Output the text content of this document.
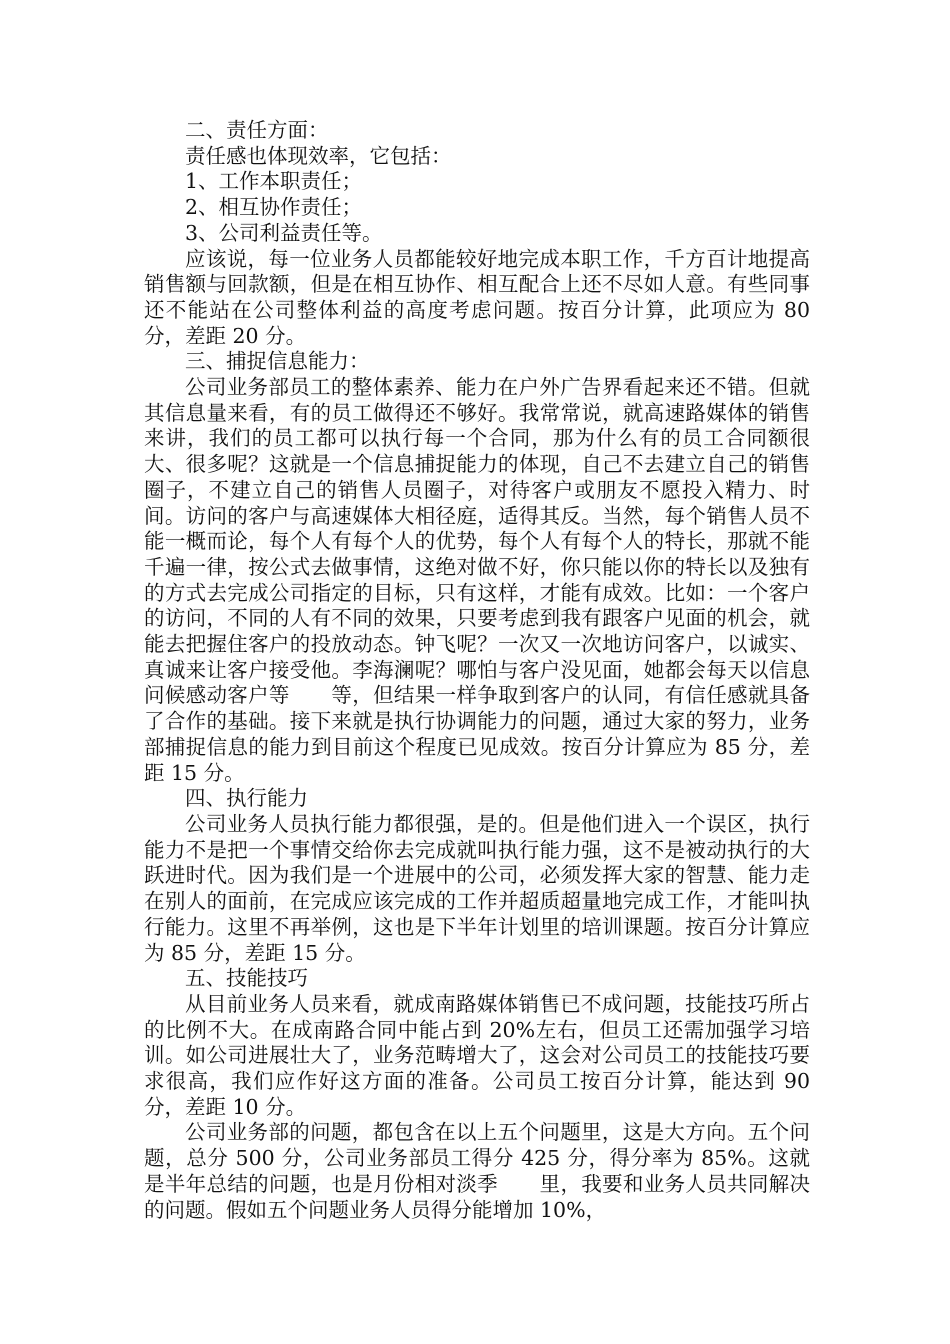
二、责任方面：

责任感也体现效率，它包括：

1、工作本职责任；

2、相互协作责任；

3、公司利益责任等。

应该说，每一位业务人员都能较好地完成本职工作，千方百计地提高销售额与回款额，但是在相互协作、相互配合上还不尽如人意。有些同事还不能站在公司整体利益的高度考虑问题。按百分计算，此项应为 80 分，差距 20 分。

三、捕捉信息能力：

公司业务部员工的整体素养、能力在户外广告界看起来还不错。但就其信息量来看，有的员工做得还不够好。我常常说，就高速路媒体的销售来讲，我们的员工都可以执行每一个合同，那为什么有的员工合同额很大、很多呢？这就是一个信息捕捉能力的体现，自己不去建立自己的销售圈子，不建立自己的销售人员圈子，对待客户或朋友不愿投入精力、时间。访问的客户与高速媒体大相径庭，适得其反。当然，每个销售人员不能一概而论，每个人有每个人的优势，每个人有每个人的特长，那就不能千遍一律，按公式去做事情，这绝对做不好，你只能以你的特长以及独有的方式去完成公司指定的目标，只有这样，才能有成效。比如：一个客户的访问，不同的人有不同的效果，只要考虑到我有跟客户见面的机会，就能去把握住客户的投放动态。钟飞呢？一次又一次地访问客户，以诚实、真诚来让客户接受他。李海澜呢？哪怕与客户没见面，她都会每天以信息问候感动客户等　　等，但结果一样争取到客户的认同，有信任感就具备了合作的基础。接下来就是执行协调能力的问题，通过大家的努力，业务部捕捉信息的能力到目前这个程度已见成效。按百分计算应为 85 分，差距 15 分。

四、执行能力

公司业务人员执行能力都很强，是的。但是他们进入一个误区，执行能力不是把一个事情交给你去完成就叫执行能力强，这不是被动执行的大跃进时代。因为我们是一个进展中的公司，必须发挥大家的智慧、能力走在别人的面前，在完成应该完成的工作并超质超量地完成工作，才能叫执行能力。这里不再举例，这也是下半年计划里的培训课题。按百分计算应为 85 分，差距 15 分。

五、技能技巧

从目前业务人员来看，就成南路媒体销售已不成问题，技能技巧所占的比例不大。在成南路合同中能占到 20%左右，但员工还需加强学习培训。如公司进展壮大了，业务范畴增大了，这会对公司员工的技能技巧要求很高，我们应作好这方面的准备。公司员工按百分计算，能达到 90 分，差距 10 分。

公司业务部的问题，都包含在以上五个问题里，这是大方向。五个问题，总分 500 分，公司业务部员工得分 425 分，得分率为 85%。这就是半年总结的问题，也是月份相对淡季　　里，我要和业务人员共同解决的问题。假如五个问题业务人员得分能增加 10%，
